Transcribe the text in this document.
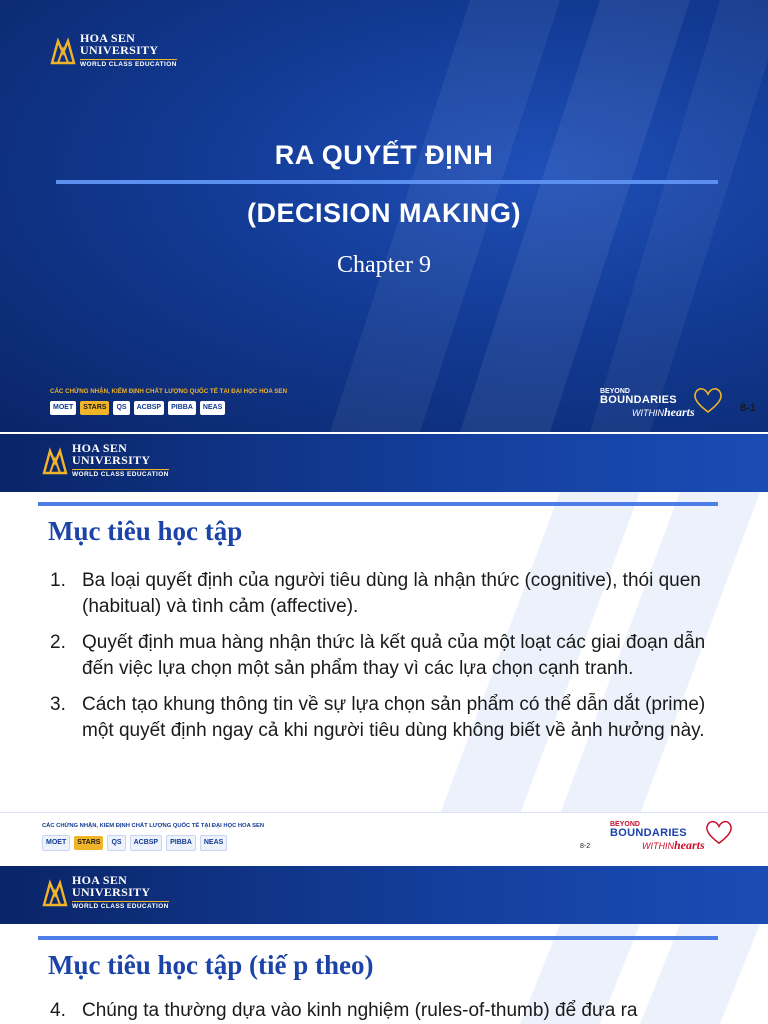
HOA SEN
UNIVERSITY
WORLD CLASS EDUCATION
RA QUYẾT ĐỊNH
(DECISION MAKING)
Chapter 9
CÁC CHỨNG NHẬN, KIỂM ĐỊNH CHẤT LƯỢNG QUỐC TẾ TẠI ĐẠI HỌC HOA SEN
MOET	STARS	QS	ACBSP	PIBBA	NEAS
BEYOND
BOUNDARIES
WITHINhearts	8-1
HOA SEN
UNIVERSITY
WORLD CLASS EDUCATION
Mục tiêu học tập
1. Ba loại quyết định của người tiêu dùng là nhận thức (cognitive), thói quen (habitual) và tình cảm (affective).
2. Quyết định mua hàng nhận thức là kết quả của một loạt các giai đoạn dẫn đến việc lựa chọn một sản phẩm thay vì các lựa chọn cạnh tranh.
3. Cách tạo khung thông tin về sự lựa chọn sản phẩm có thể dẫn dắt (prime) một quyết định ngay cả khi người tiêu dùng không biết về ảnh hưởng này.
CÁC CHỨNG NHẬN, KIỂM ĐỊNH CHẤT LƯỢNG QUỐC TẾ TẠI ĐẠI HỌC HOA SEN
MOET	STARS	QS	ACBSP	PIBBA	NEAS
8-2
BEYOND
BOUNDARIES
WITHINhearts
HOA SEN
UNIVERSITY
WORLD CLASS EDUCATION
Mục tiêu học tập (tiế p theo)
4. Chúng ta thường dựa vào kinh nghiệm (rules-of-thumb) để đưa ra
